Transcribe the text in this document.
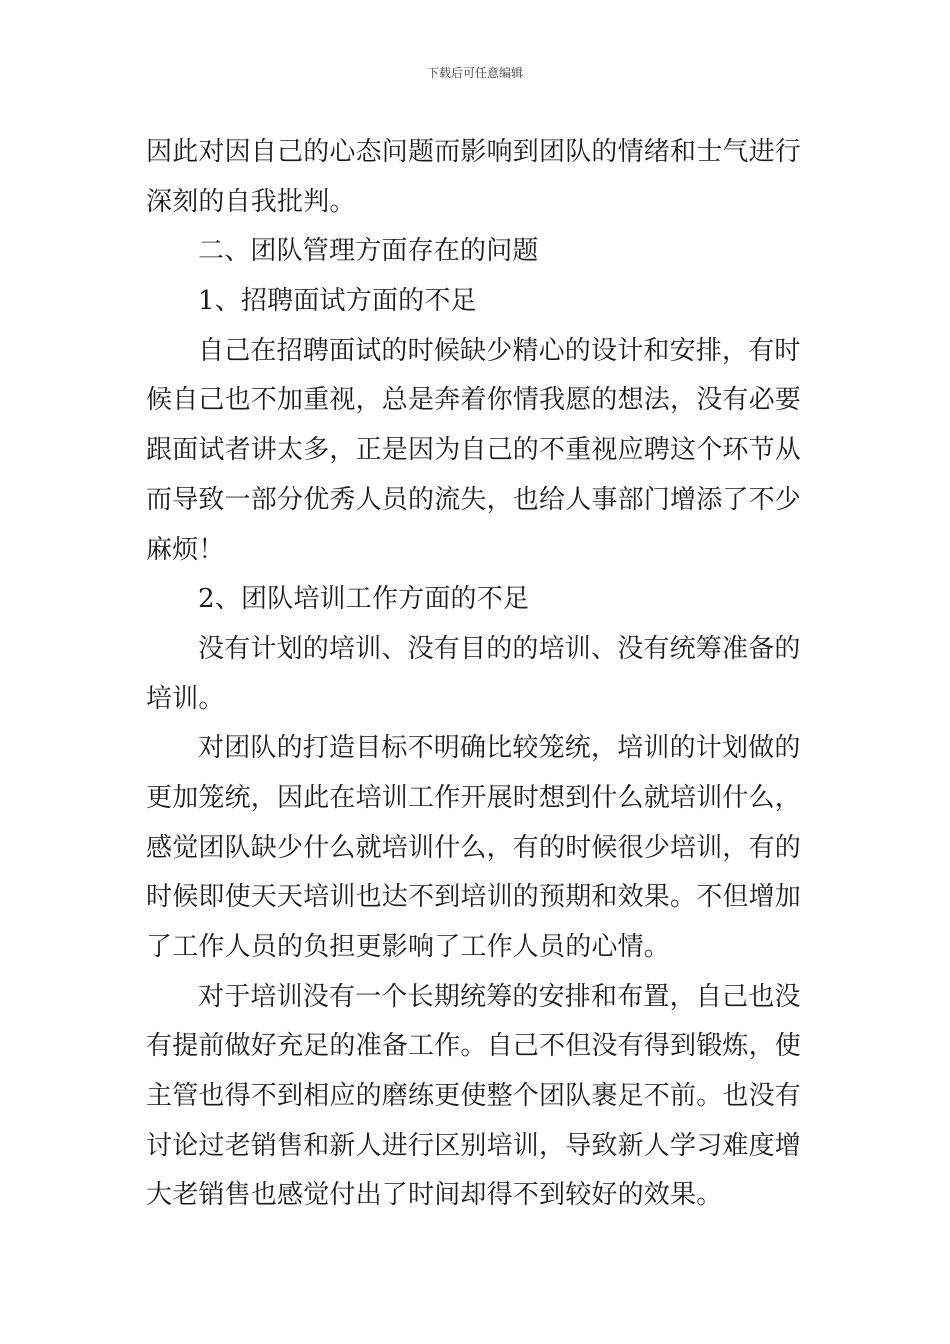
下载后可任意编辑
因此对因自己的心态问题而影响到团队的情绪和士气进行
深刻的自我批判。
二、团队管理方面存在的问题
1、招聘面试方面的不足
自己在招聘面试的时候缺少精心的设计和安排，有时
候自己也不加重视，总是奔着你情我愿的想法，没有必要
跟面试者讲太多，正是因为自己的不重视应聘这个环节从
而导致一部分优秀人员的流失，也给人事部门增添了不少
麻烦！
2、团队培训工作方面的不足
没有计划的培训、没有目的的培训、没有统筹准备的
培训。
对团队的打造目标不明确比较笼统，培训的计划做的
更加笼统，因此在培训工作开展时想到什么就培训什么，
感觉团队缺少什么就培训什么，有的时候很少培训，有的
时候即使天天培训也达不到培训的预期和效果。不但增加
了工作人员的负担更影响了工作人员的心情。
对于培训没有一个长期统筹的安排和布置，自己也没
有提前做好充足的准备工作。自己不但没有得到锻炼，使
主管也得不到相应的磨练更使整个团队裹足不前。也没有
讨论过老销售和新人进行区别培训，导致新人学习难度增
大老销售也感觉付出了时间却得不到较好的效果。
